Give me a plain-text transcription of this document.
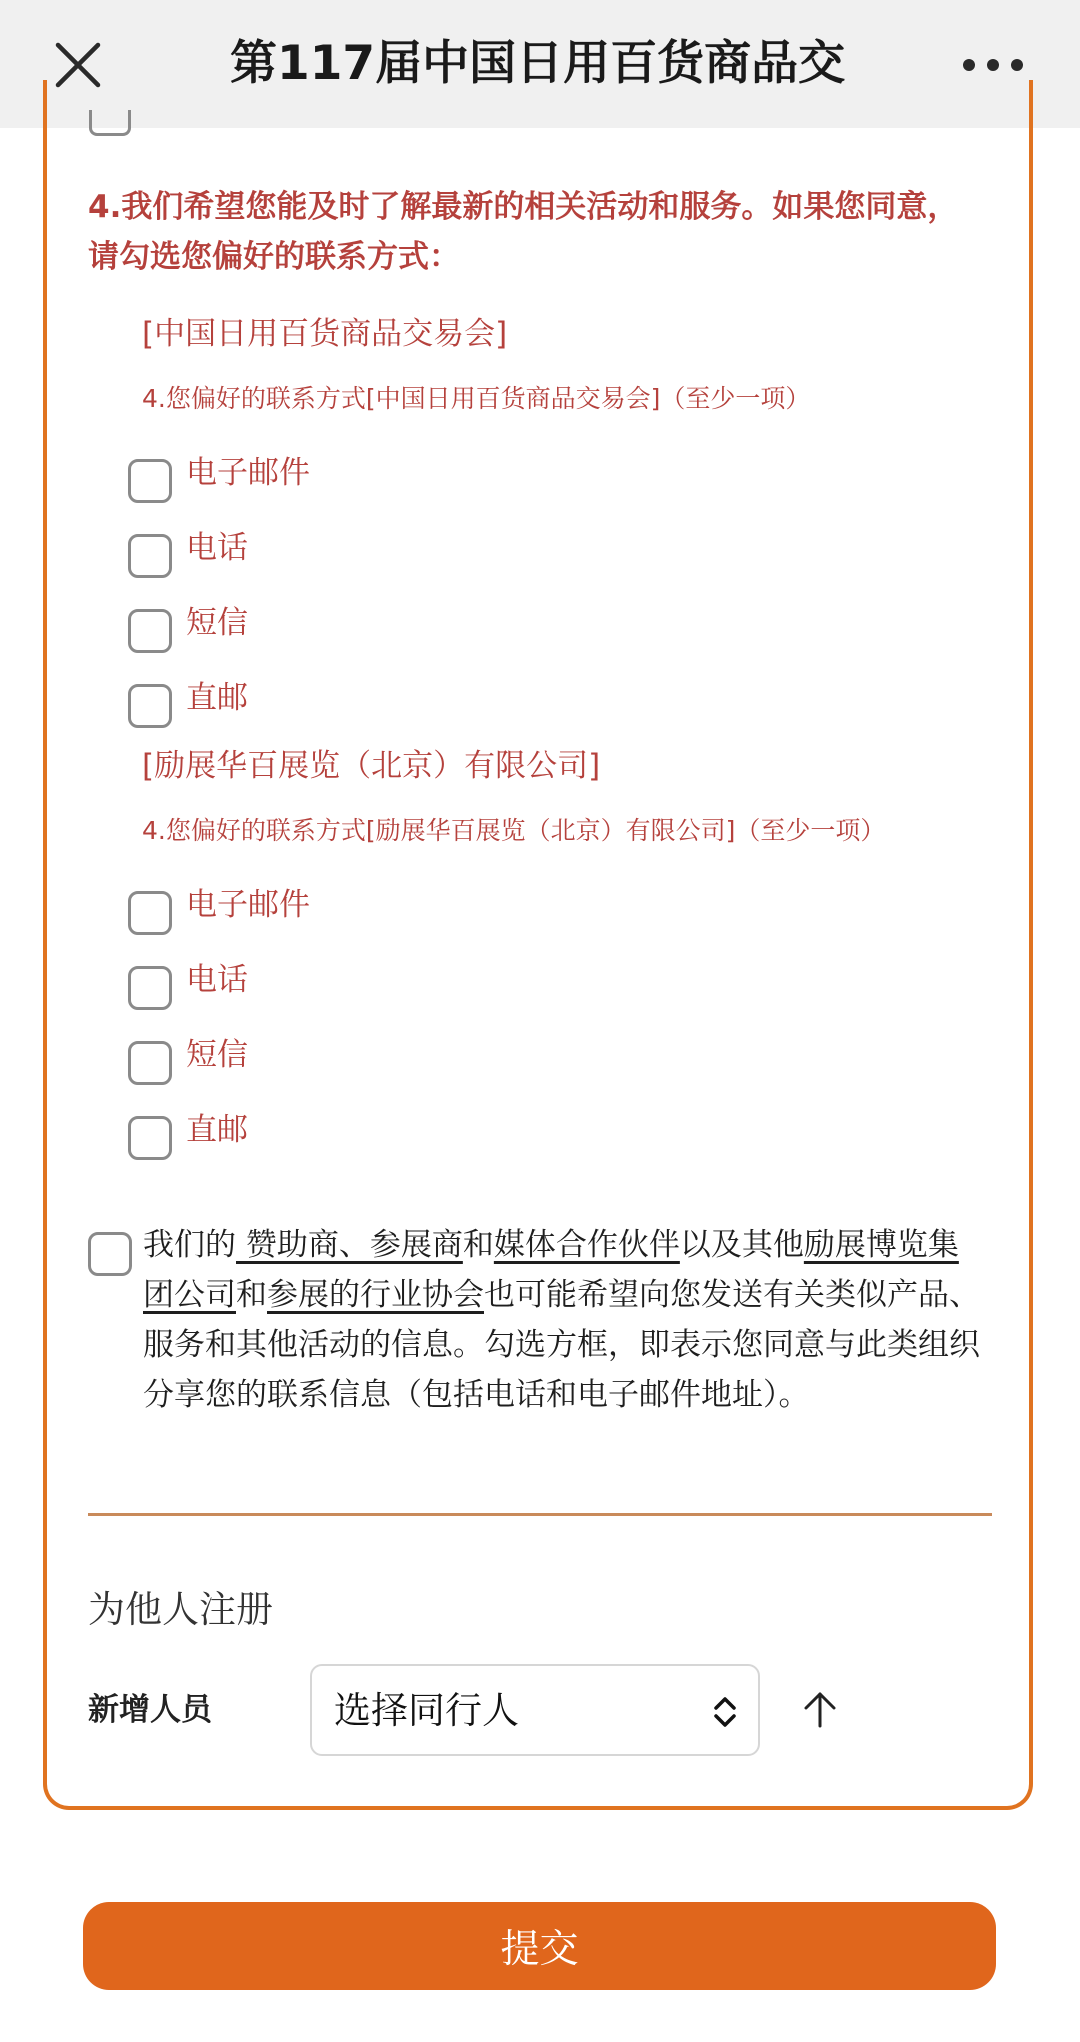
第117届中国日用百货商品交
4.我们希望您能及时了解最新的相关活动和服务。如果您同意，请勾选您偏好的联系方式：
[中国日用百货商品交易会]
4.您偏好的联系方式[中国日用百货商品交易会]（至少一项）
电子邮件
电话
短信
直邮
[励展华百展览（北京）有限公司]
4.您偏好的联系方式[励展华百展览（北京）有限公司]（至少一项）
电子邮件
电话
短信
直邮
我们的 赞助商、参展商和媒体合作伙伴以及其他励展博览集团公司和参展的行业协会也可能希望向您发送有关类似产品、服务和其他活动的信息。勾选方框，即表示您同意与此类组织分享您的联系信息（包括电话和电子邮件地址）。
为他人注册
新增人员	选择同行人
提交
